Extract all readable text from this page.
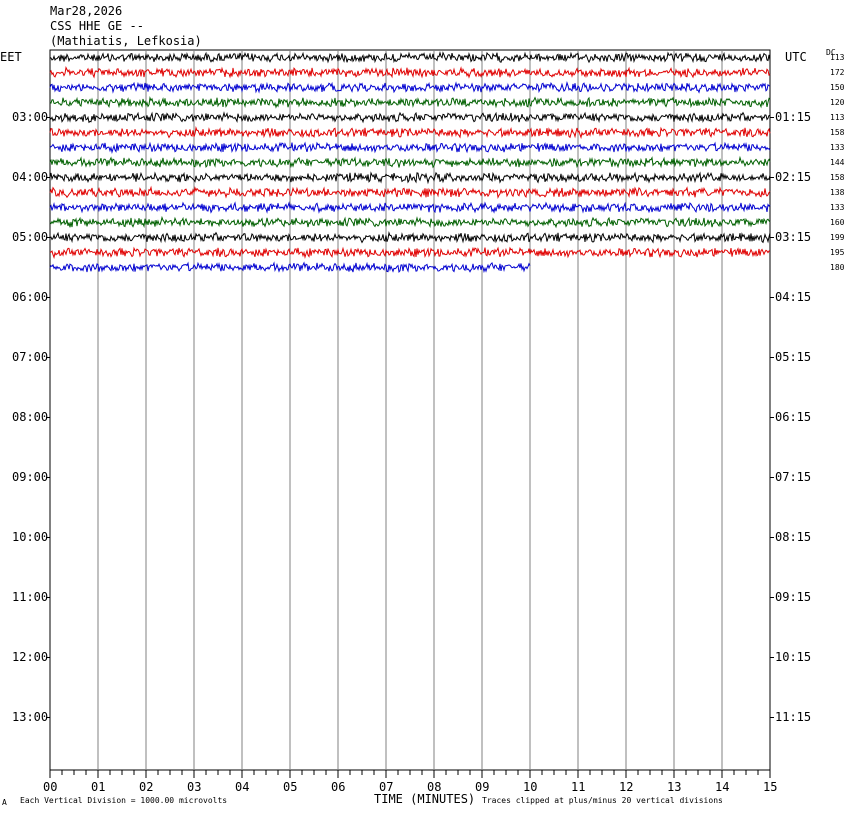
Mar28,2026
CSS HHE GE --
(Mathiatis, Lefkosia)
EET	UTC DC
03:00
04:00
05:00
06:00
07:00
08:00
09:00
10:00
11:00
12:00
13:00
01:15
02:15
03:15
04:15
05:15
06:15
07:15
08:15
09:15
10:15
11:15
113
172
150
120
113
158
133
144
158
138
133
160
199
195
180
00	01	02	03	04	05	06	07	08	09	10	11	12	13	14	15
A Each Vertical Division = 1000.00 microvolts	TIME (MINUTES) Traces clipped at plus/minus 20 vertical divisions
